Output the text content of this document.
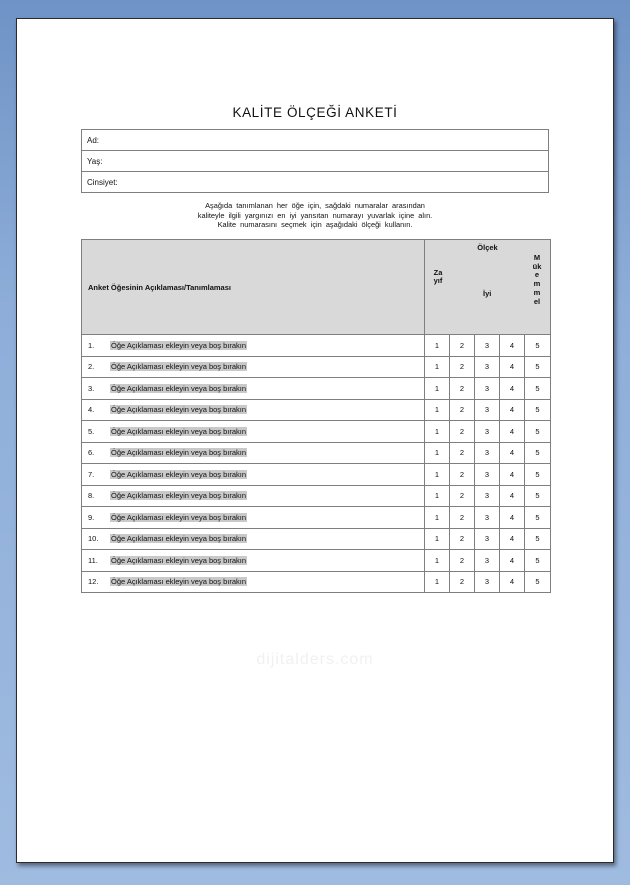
KALİTE ÖLÇEĞİ ANKETİ
Ad:
Yaş:
Cinsiyet:
Aşağıda tanımlanan her öğe için, sağdaki numaralar arasından
kaliteyle ilgili yargınızı en iyi yansıtan numarayı yuvarlak içine alın.
Kalite numarasını seçmek için aşağıdaki ölçeği kullanın.
Anket Öğesinin Açıklaması/Tanımlaması	Ölçek
Zayıf
İyi
Mükemmel				

1. Öğe Açıklaması ekleyin veya boş bırakın	1	2	3	4	5
2. Öğe Açıklaması ekleyin veya boş bırakın	1	2	3	4	5
3. Öğe Açıklaması ekleyin veya boş bırakın	1	2	3	4	5
4. Öğe Açıklaması ekleyin veya boş bırakın	1	2	3	4	5
5. Öğe Açıklaması ekleyin veya boş bırakın	1	2	3	4	5
6. Öğe Açıklaması ekleyin veya boş bırakın	1	2	3	4	5
7. Öğe Açıklaması ekleyin veya boş bırakın	1	2	3	4	5
8. Öğe Açıklaması ekleyin veya boş bırakın	1	2	3	4	5
9. Öğe Açıklaması ekleyin veya boş bırakın	1	2	3	4	5
10. Öğe Açıklaması ekleyin veya boş bırakın	1	2	3	4	5
11. Öğe Açıklaması ekleyin veya boş bırakın	1	2	3	4	5
12. Öğe Açıklaması ekleyin veya boş bırakın	1	2	3	4	5
dijitalders.com
